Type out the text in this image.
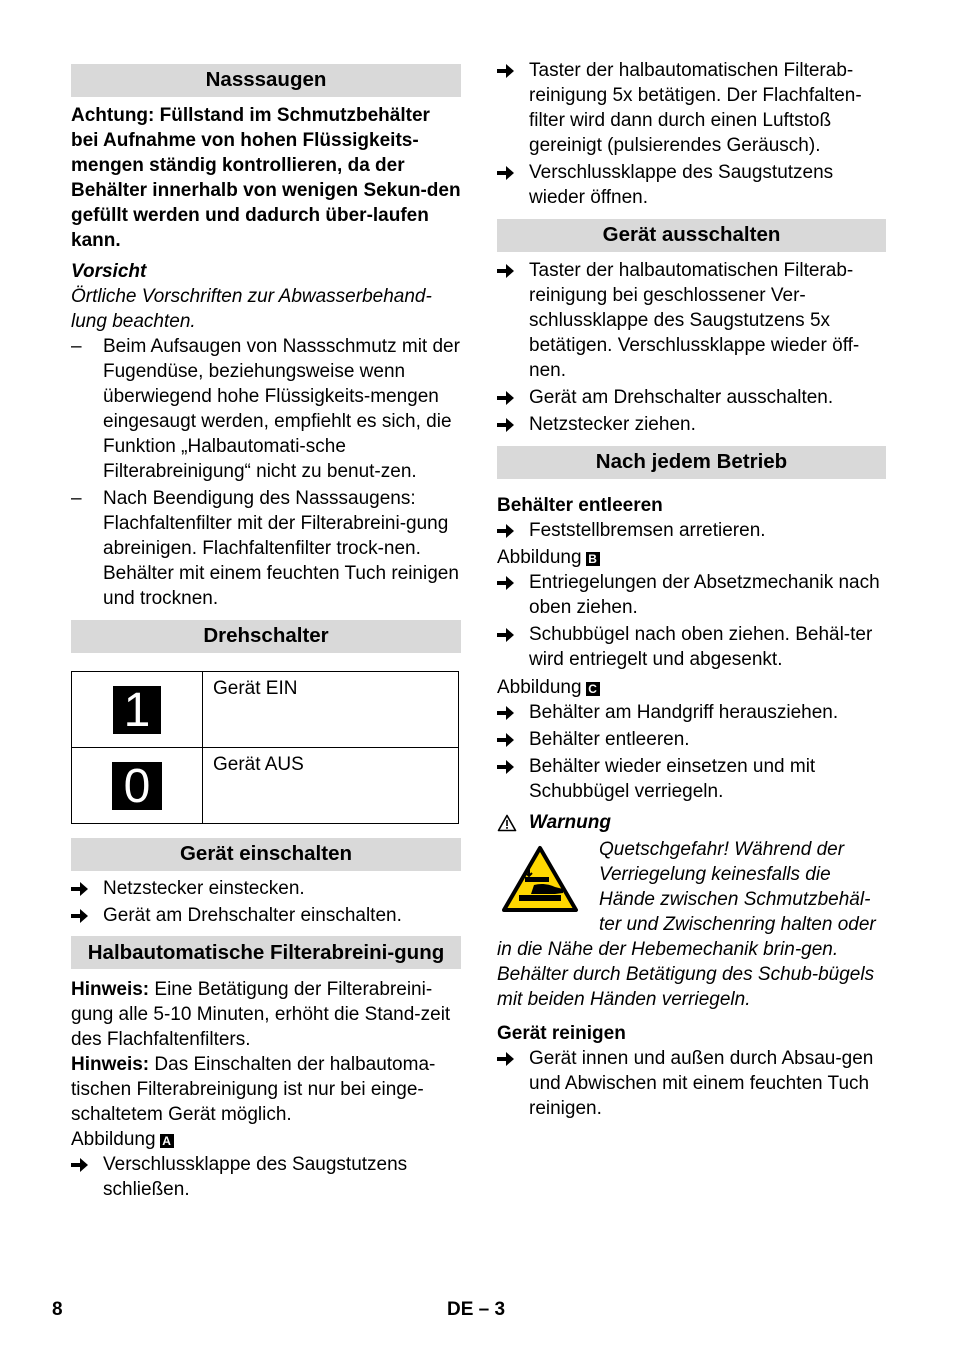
Nasssaugen

Achtung: Füllstand im Schmutzbehälter bei Aufnahme von hohen Flüssigkeits-mengen ständig kontrollieren, da der Behälter innerhalb von wenigen Sekun-den gefüllt werden und dadurch über-laufen kann.

Vorsicht

Örtliche Vorschriften zur Abwasserbehand-lung beachten.

– Beim Aufsaugen von Nassschmutz mit der Fugendüse, beziehungsweise wenn überwiegend hohe Flüssigkeits-mengen eingesaugt werden, empfiehlt es sich, die Funktion „Halbautomati-sche Filterabreinigung“ nicht zu benut-zen.
– Nach Beendigung des Nasssaugens: Flachfaltenfilter mit der Filterabreini-gung abreinigen. Flachfaltenfilter trock-nen. Behälter mit einem feuchten Tuch reinigen und trocknen.
Drehschalter
1	Gerät EIN
0	Gerät AUS
Gerät einschalten
Netzstecker einstecken.
Gerät am Drehschalter einschalten.
Halbautomatische Filterabreini-gung

Hinweis: Eine Betätigung der Filterabreini-gung alle 5-10 Minuten, erhöht die Stand-zeit des Flachfaltenfilters.

Hinweis: Das Einschalten der halbautoma-tischen Filterabreinigung ist nur bei einge-schaltetem Gerät möglich.

Abbildung A

Verschlussklappe des Saugstutzens schließen.
Taster der halbautomatischen Filterab-reinigung 5x betätigen. Der Flachfalten-filter wird dann durch einen Luftstoß gereinigt (pulsierendes Geräusch).
Verschlussklappe des Saugstutzens wieder öffnen.
Gerät ausschalten
Taster der halbautomatischen Filterab-reinigung bei geschlossener Ver-schlussklappe des Saugstutzens 5x betätigen. Verschlussklappe wieder öff-nen.
Gerät am Drehschalter ausschalten.
Netzstecker ziehen.
Nach jedem Betrieb

Behälter entleeren

Feststellbremsen arretieren.

Abbildung B

Entriegelungen der Absetzmechanik nach oben ziehen.
Schubbügel nach oben ziehen. Behäl-ter wird entriegelt und abgesenkt.

Abbildung C

Behälter am Handgriff herausziehen.
Behälter entleeren.
Behälter wieder einsetzen und mit Schubbügel verriegeln.
Warnung

Quetschgefahr! Während der Verriegelung keinesfalls die Hände zwischen Schmutzbehäl-ter und Zwischenring halten oder in die Nähe der Hebemechanik brin-gen. Behälter durch Betätigung des Schub-bügels mit beiden Händen verriegeln.

Gerät reinigen

Gerät innen und außen durch Absau-gen und Abwischen mit einem feuchten Tuch reinigen.
8	DE – 3
